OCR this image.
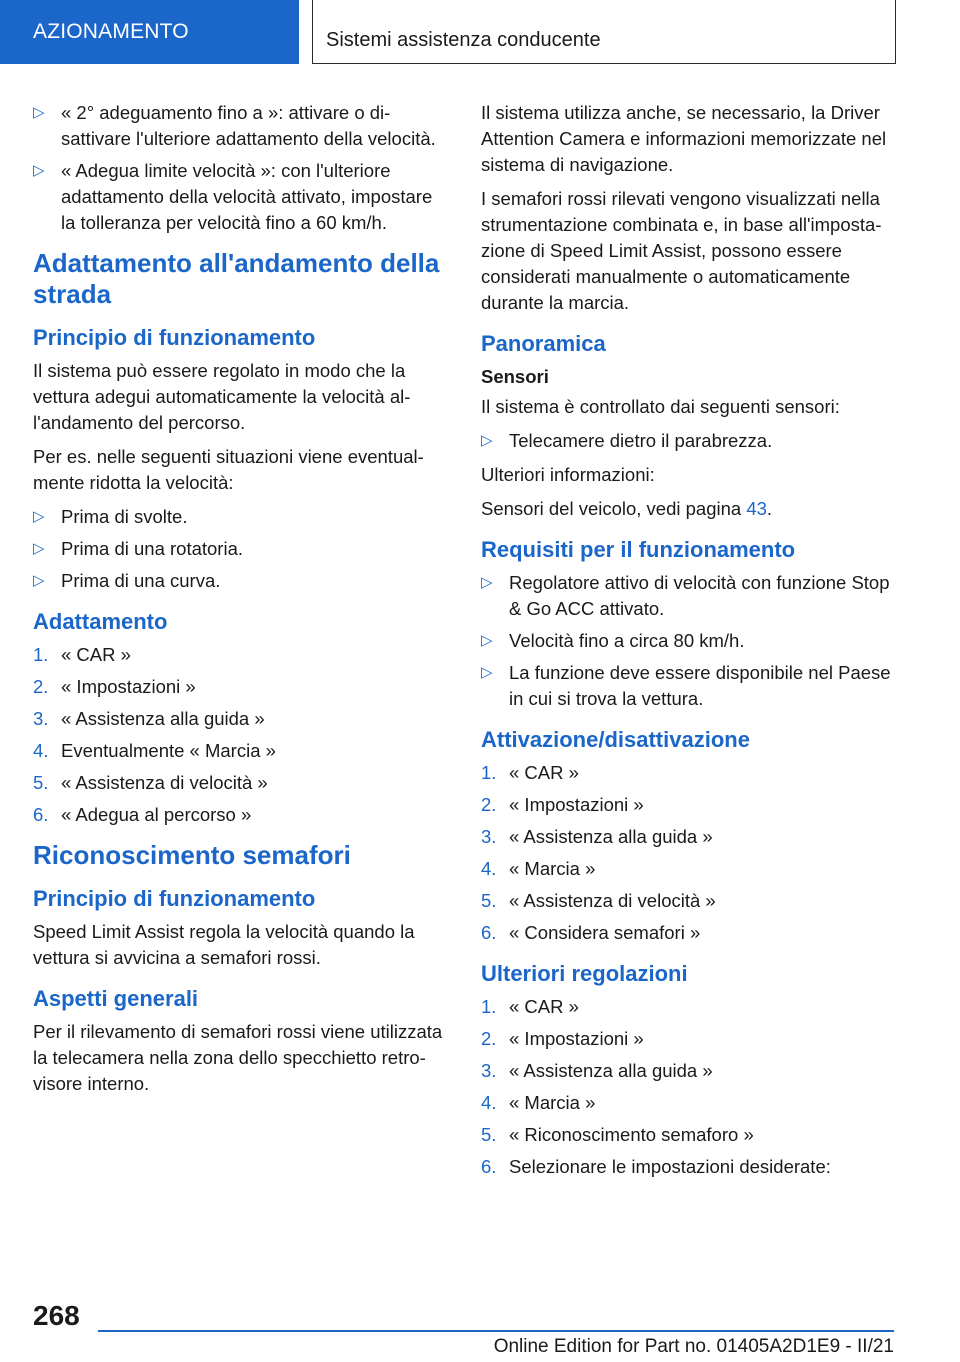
AZIONAMENTO	Sistemi assistenza conducente
▷ « 2° adeguamento fino a »: attivare o disattivare l'ulteriore adattamento della velocità.
▷ « Adegua limite velocità »: con l'ulteriore adattamento della velocità attivato, impostare la tolleranza per velocità fino a 60 km/h.
Adattamento all'andamento della strada
Principio di funzionamento

Il sistema può essere regolato in modo che la vettura adegui automaticamente la velocità all'andamento del percorso.

Per es. nelle seguenti situazioni viene eventualmente ridotta la velocità:

▷ Prima di svolte.
▷ Prima di una rotatoria.
▷ Prima di una curva.
Adattamento
1. « CAR »
2. « Impostazioni »
3. « Assistenza alla guida »
4. Eventualmente « Marcia »
5. « Assistenza di velocità »
6. « Adegua al percorso »
Riconoscimento semafori
Principio di funzionamento

Speed Limit Assist regola la velocità quando la vettura si avvicina a semafori rossi.

Aspetti generali

Per il rilevamento di semafori rossi viene utilizzata la telecamera nella zona dello specchietto retrovisore interno.

Il sistema utilizza anche, se necessario, la Driver Attention Camera e informazioni memorizzate nel sistema di navigazione.

I semafori rossi rilevati vengono visualizzati nella strumentazione combinata e, in base all'impostazione di Speed Limit Assist, possono essere considerati manualmente o automaticamente durante la marcia.

Panoramica
Sensori

Il sistema è controllato dai seguenti sensori:

▷ Telecamere dietro il parabrezza.

Ulteriori informazioni:

Sensori del veicolo, vedi pagina 43.

Requisiti per il funzionamento
▷ Regolatore attivo di velocità con funzione Stop & Go ACC attivato.
▷ Velocità fino a circa 80 km/h.
▷ La funzione deve essere disponibile nel Paese in cui si trova la vettura.
Attivazione/disattivazione
1. « CAR »
2. « Impostazioni »
3. « Assistenza alla guida »
4. « Marcia »
5. « Assistenza di velocità »
6. « Considera semafori »
Ulteriori regolazioni
1. « CAR »
2. « Impostazioni »
3. « Assistenza alla guida »
4. « Marcia »
5. « Riconoscimento semaforo »
6. Selezionare le impostazioni desiderate:
268
Online Edition for Part no. 01405A2D1E9 - II/21
